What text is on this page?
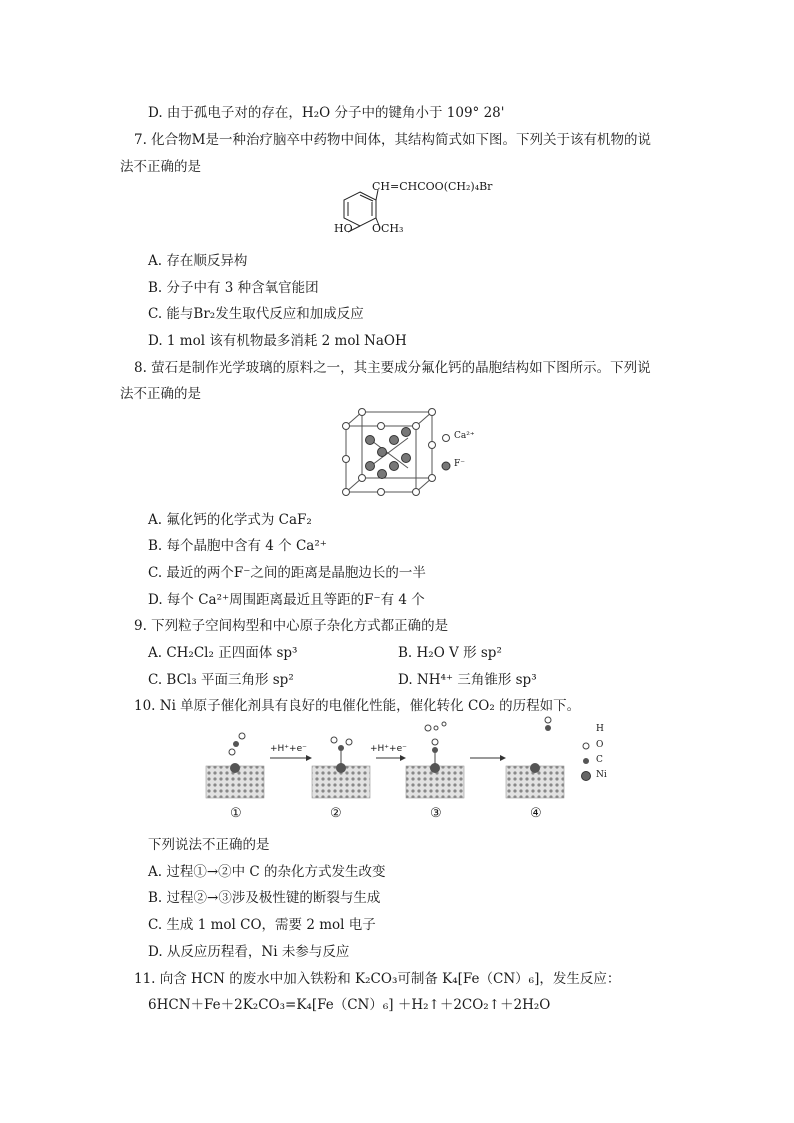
D. 由于孤电子对的存在，H₂O 分子中的键角小于 109° 28'
7. 化合物M是一种治疗脑卒中药物中间体，其结构简式如下图。下列关于该有机物的说
法不正确的是
CH=CHCOO(CH₂)₄Br
HO OCH₃
A. 存在顺反异构
B. 分子中有 3 种含氧官能团
C. 能与Br₂发生取代反应和加成反应
D. 1 mol 该有机物最多消耗 2 mol NaOH
8. 萤石是制作光学玻璃的原料之一，其主要成分氟化钙的晶胞结构如下图所示。下列说
法不正确的是
Ca²⁺
F⁻
A. 氟化钙的化学式为 CaF₂
B. 每个晶胞中含有 4 个 Ca²⁺
C. 最近的两个F⁻之间的距离是晶胞边长的一半
D. 每个 Ca²⁺周围距离最近且等距的F⁻有 4 个
9. 下列粒子空间构型和中心原子杂化方式都正确的是
A. CH₂Cl₂ 正四面体 sp³	B. H₂O V 形 sp²
C. BCl₃ 平面三角形 sp²	D. NH⁴⁺ 三角锥形 sp³
10. Ni 单原子催化剂具有良好的电催化性能，催化转化 CO₂ 的历程如下。
+H⁺+e⁻	+H⁺+e⁻
①	②	③	④
H
O
C
Ni
下列说法不正确的是
A. 过程①→②中 C 的杂化方式发生改变
B. 过程②→③涉及极性键的断裂与生成
C. 生成 1 mol CO，需要 2 mol 电子
D. 从反应历程看，Ni 未参与反应
11. 向含 HCN 的废水中加入铁粉和 K₂CO₃可制备 K₄[Fe（CN）₆]，发生反应：
6HCN＋Fe＋2K₂CO₃=K₄[Fe（CN）₆] ＋H₂↑＋2CO₂↑＋2H₂O
